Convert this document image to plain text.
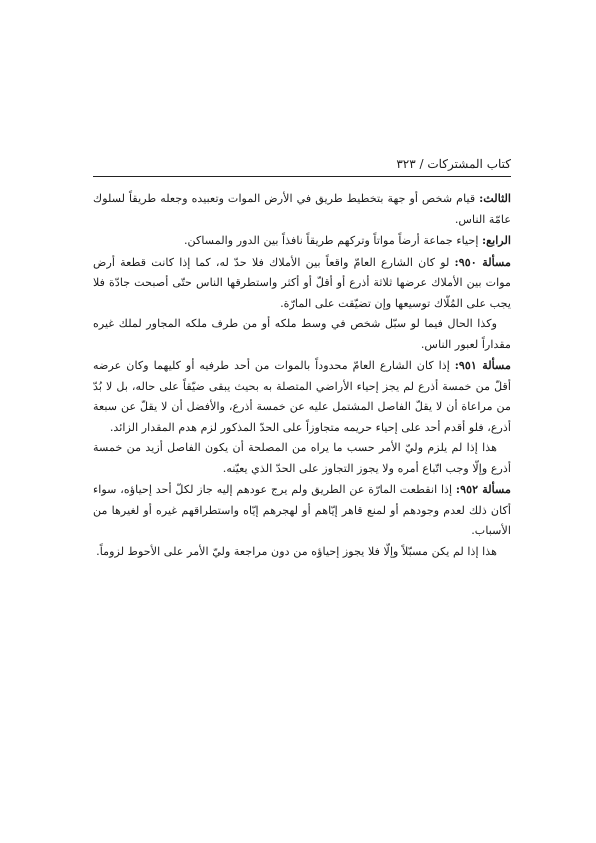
كتاب المشتركات / ٣٢٣

الثالث: قيام شخص أو جهة بتخطيط طريق في الأرض الموات وتعبيده وجعله طريقاً لسلوك عامّة الناس.

الرابع: إحياء جماعة أرضاً مواتاً وتركهم طريقاً نافذاً بين الدور والمساكن.

مسألة ٩٥٠: لو كان الشارع العامّ واقعاً بين الأملاك فلا حدّ له، كما إذا كانت قطعة أرض موات بين الأملاك عرضها ثلاثة أذرع أو أقلّ أو أكثر واستطرقها الناس حتّى أصبحت جادّة فلا يجب على المُلّاك توسيعها وإن تضيّقت على المارّة.

وكذا الحال فيما لو سبّل شخص في وسط ملكه أو من طرف ملكه المجاور لملك غيره مقداراً لعبور الناس.

مسألة ٩٥١: إذا كان الشارع العامّ محدوداً بالموات من أحد طرفيه أو كليهما وكان عرضه أقلّ من خمسة أذرع لم يجز إحياء الأراضي المتصلة به بحيث يبقى ضيّقاً على حاله، بل لا بُدّ من مراعاة أن لا يقلّ الفاصل المشتمل عليه عن خمسة أذرع، والأفضل أن لا يقلّ عن سبعة أذرع، فلو أقدم أحد على إحياء حريمه متجاوزاً على الحدّ المذكور لزم هدم المقدار الزائد.

هذا إذا لم يلزم وليّ الأمر حسب ما يراه من المصلحة أن يكون الفاصل أزيد من خمسة أذرع وإلّا وجب اتّباع أمره ولا يجوز التجاوز على الحدّ الذي يعيّنه.

مسألة ٩٥٢: إذا انقطعت المارّة عن الطريق ولم يرج عودهم إليه جاز لكلّ أحد إحياؤه، سواء أكان ذلك لعدم وجودهم أو لمنع قاهر إيّاهم أو لهجرهم إيّاه واستطراقهم غيره أو لغيرها من الأسباب.

هذا إذا لم يكن مسبّلاً وإلّا فلا يجوز إحياؤه من دون مراجعة وليّ الأمر على الأحوط لزوماً.
